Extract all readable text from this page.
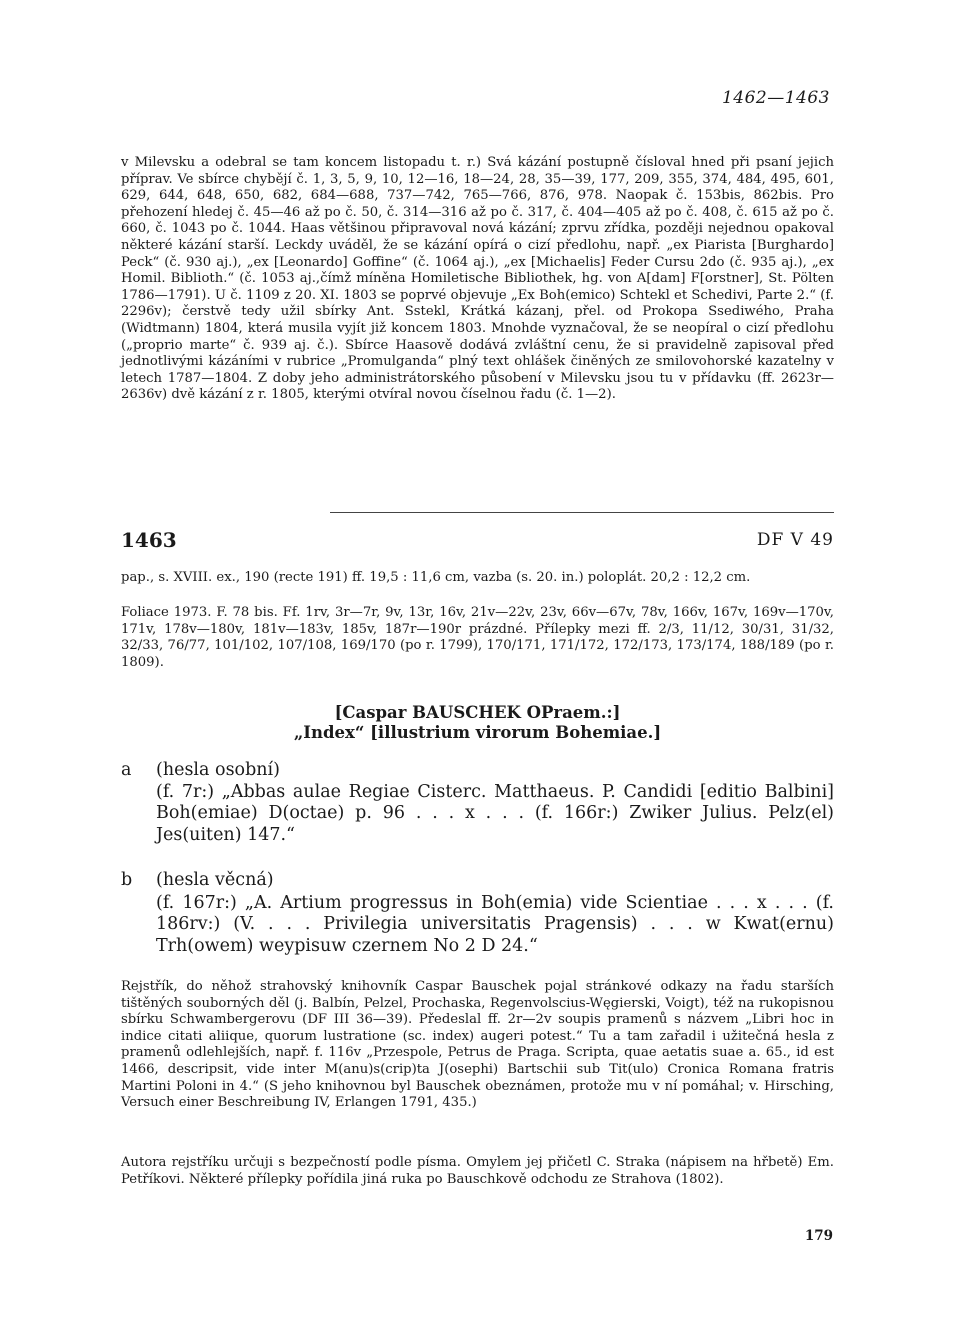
1462—1463

v Milevsku a odebral se tam koncem listopadu t. r.) Svá kázání postupně čísloval hned při psaní jejich příprav. Ve sbírce chybějí č. 1, 3, 5, 9, 10, 12—16, 18—24, 28, 35—39, 177, 209, 355, 374, 484, 495, 601, 629, 644, 648, 650, 682, 684—688, 737—742, 765—766, 876, 978. Naopak č. 153bis, 862bis. Pro přehození hledej č. 45—46 až po č. 50, č. 314—316 až po č. 317, č. 404—405 až po č. 408, č. 615 až po č. 660, č. 1043 po č. 1044. Haas většinou připravoval nová kázání; zprvu zřídka, později nejednou opakoval některé kázání starší. Leckdy uváděl, že se kázání opírá o cizí předlohu, např. „ex Piarista [Burghardo] Peck“ (č. 930 aj.), „ex [Leonardo] Goffine“ (č. 1064 aj.), „ex [Michaelis] Feder Cursu 2do (č. 935 aj.), „ex Homil. Biblioth.“ (č. 1053 aj.,čímž míněna Homiletische Bibliothek, hg. von A[dam] F[orstner], St. Pölten 1786—1791). U č. 1109 z 20. XI. 1803 se poprvé objevuje „Ex Boh(emico) Schtekl et Schedivi, Parte 2.“ (f. 2296v); čerstvě tedy užil sbírky Ant. Sstekl, Krátká kázanj, přel. od Prokopa Ssediwého, Praha (Widtmann) 1804, která musila vyjít již koncem 1803. Mnohde vyznačoval, že se neopíral o cizí předlohu („proprio marte“ č. 939 aj. č.). Sbírce Haasově dodává zvláštní cenu, že si pravidelně zapisoval před jednotlivými kázáními v rubrice „Promulganda“ plný text ohlášek činěných ze smilovohorské kazatelny v letech 1787—1804. Z doby jeho administrátorského působení v Milevsku jsou tu v přídavku (ff. 2623r—2636v) dvě kázání z r. 1805, kterými otvíral novou číselnou řadu (č. 1—2).

1463	DF V 49

pap., s. XVIII. ex., 190 (recte 191) ff. 19,5 : 11,6 cm, vazba (s. 20. in.) poloplát. 20,2 : 12,2 cm.

Foliace 1973. F. 78 bis. Ff. 1rv, 3r—7r, 9v, 13r, 16v, 21v—22v, 23v, 66v—67v, 78v, 166v, 167v, 169v—170v, 171v, 178v—180v, 181v—183v, 185v, 187r—190r prázdné. Přílepky mezi ff. 2/3, 11/12, 30/31, 31/32, 32/33, 76/77, 101/102, 107/108, 169/170 (po r. 1799), 170/171, 171/172, 172/173, 173/174, 188/189 (po r. 1809).

[Caspar BAUSCHEK OPraem.:]
„Index“ [illustrium virorum Bohemiae.]
a (hesla osobní)

(f. 7r:) „Abbas aulae Regiae Cisterc. Matthaeus. P. Candidi [editio Balbini] Boh(emiae) D(octae) p. 96 . . . x . . . (f. 166r:) Zwiker Julius. Pelz(el) Jes(uiten) 147.“

b (hesla věcná)

(f. 167r:) „A. Artium progressus in Boh(emia) vide Scientiae . . . x . . . (f. 186rv:) (V. . . . Privilegia universitatis Pragensis) . . . w Kwat(ernu) Trh(owem) weypisuw czernem No 2 D 24.“

Rejstřík, do něhož strahovský knihovník Caspar Bauschek pojal stránkové odkazy na řadu starších tištěných souborných děl (j. Balbín, Pelzel, Prochaska, Regenvolscius-Węgierski, Voigt), též na rukopisnou sbírku Schwambergerovu (DF III 36—39). Předeslal ff. 2r—2v soupis pramenů s názvem „Libri hoc in indice citati aliique, quorum lustratione (sc. index) augeri potest.“ Tu a tam zařadil i užitečná hesla z pramenů odlehlejších, např. f. 116v „Przespole, Petrus de Praga. Scripta, quae aetatis suae a. 65., id est 1466, descripsit, vide inter M(anu)s(crip)ta J(osephi) Bartschii sub Tit(ulo) Cronica Romana fratris Martini Poloni in 4.“ (S jeho knihovnou byl Bauschek obeznámen, protože mu v ní pomáhal; v. Hirsching, Versuch einer Beschreibung IV, Erlangen 1791, 435.)

Autora rejstříku určuji s bezpečností podle písma. Omylem jej přičetl C. Straka (nápisem na hřbetě) Em. Petříkovi. Některé přílepky pořídila jiná ruka po Bauschkově odchodu ze Strahova (1802).

179
